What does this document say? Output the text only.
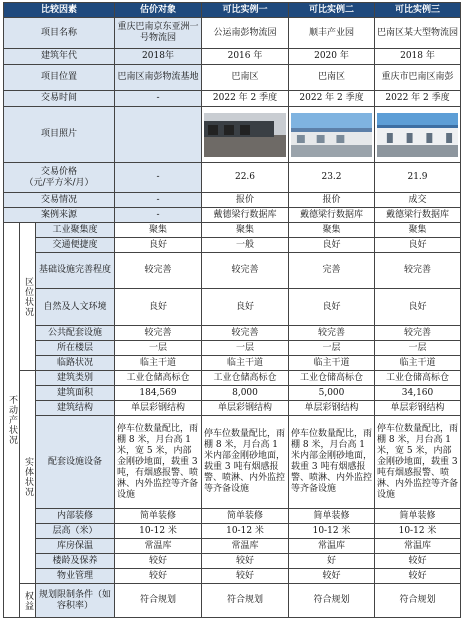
比较因素			估价对象	可比实例一	可比实例二	可比实例三	
项目名称			重庆巴南京东亚洲一号物流园	公运南彭物流园	顺丰产业园	巴南区某大型物流园	
建筑年代			2018年	2016 年	2020 年	2018 年	
项目位置			巴南区南彭物流基地	巴南区	巴南区	重庆市巴南区南彭	
交易时间			-	2022 年 2 季度	2022 年 2 季度	2022 年 2 季度	
项目照片		

交易价格
（元/平方米/月）			-	22.6	23.2	21.9	
交易情况			-	报价	报价	成交	
案例来源			-	戴德梁行数据库	戴德梁行数据库	戴德梁行数据库	
不动产状况	区位状况	工业聚集度	聚集	聚集	聚集	聚集	
		交通便捷度	良好	一般	良好	良好	
		基础设施完善程度	较完善	较完善	完善	较完善	
		自然及人文环境	良好	良好	良好	良好	
		公共配套设施	较完善	较完善	较完善	较完善	
		所在楼层	一层	一层	一层	一层	
		临路状况	临主干道	临主干道	临主干道	临主干道	
	实体状况	建筑类别	工业仓储高标仓	工业仓储高标仓	工业仓储高标仓	工业仓储高标仓	
		建筑面积	184,569	8,000	5,000	34,160	
		建筑结构	单层彩钢结构	单层彩钢结构	单层彩钢结构	单层彩钢结构	
		配套设施设备	停车位数量配比，雨棚 8 米，月台高 1 米，宽 5 米，内部金刚砂地面，载重 3 吨，有烟感报警、喷淋、内外监控等齐备设施	停车位数量配比，雨棚 8 米，月台高 1 米内部金刚砂地面，载重 3 吨有烟感报警、喷淋、内外监控等齐备设施	停车位数量配比，雨棚 8 米，月台高 1 米内部金刚砂地面，载重 3 吨有烟感报警、喷淋、内外监控等齐备设施	停车位数量配比，雨棚 8 米，月台高 1 米，宽 5 米，内部金刚砂地面，载重 3 吨有烟感报警、喷淋、内外监控等齐备设施	
		内部装修	简单装修	简单装修	简单装修	简单装修	
		层高（米）	10-12 米	10-12 米	10-12 米	10-12 米	
		库房保温	常温库	常温库	常温库	常温库	
		楼龄及保养	较好	较好	好	较好	
		物业管理	较好	较好	较好	较好	
	权益	规划限制条件（如容积率）	符合规划	符合规划	符合规划	符合规划	
